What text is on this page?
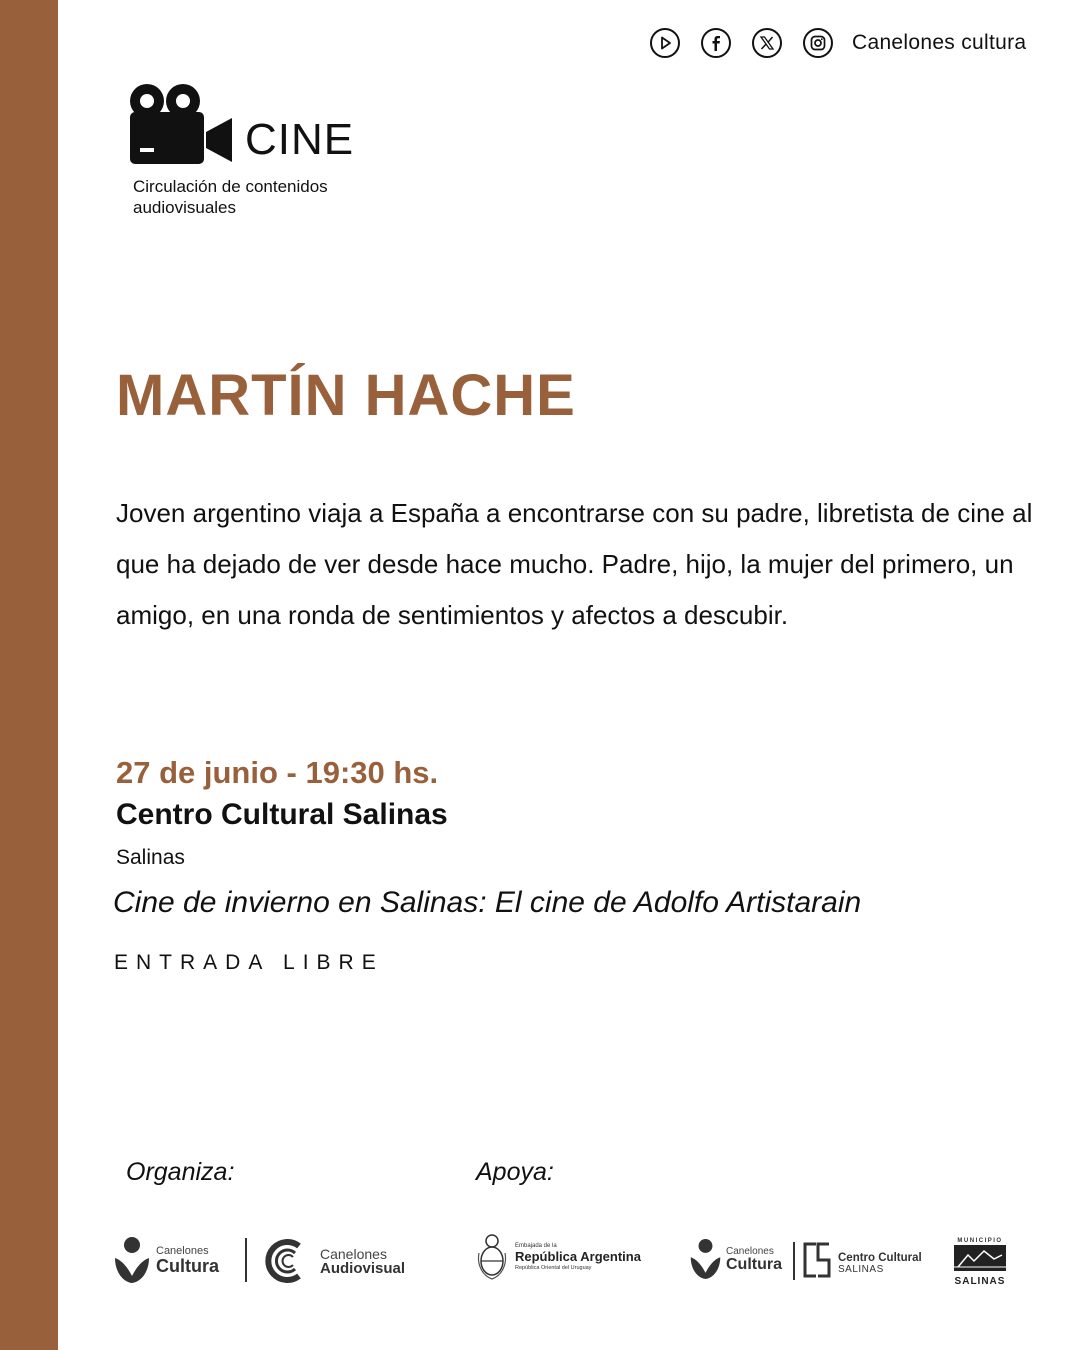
Canelones cultura
CINE
Circulación de contenidos
audiovisuales
MARTÍN HACHE

Joven argentino viaja a España a encontrarse con su padre, libretista de cine al que ha dejado de ver desde hace mucho. Padre, hijo, la mujer del primero, un amigo, en una ronda de sentimientos y afectos a descubir.

27 de junio - 19:30 hs.
Centro Cultural Salinas
Salinas
Cine de invierno en Salinas: El cine de Adolfo Artistarain
ENTRADA LIBRE
Organiza:	Apoya:
Canelones
Cultura
Canelones
Audiovisual
Embajada de la
República Argentina
República Oriental del Uruguay
Canelones
Cultura	Centro Cultural
SALINAS
MUNICIPIO
SALINAS
